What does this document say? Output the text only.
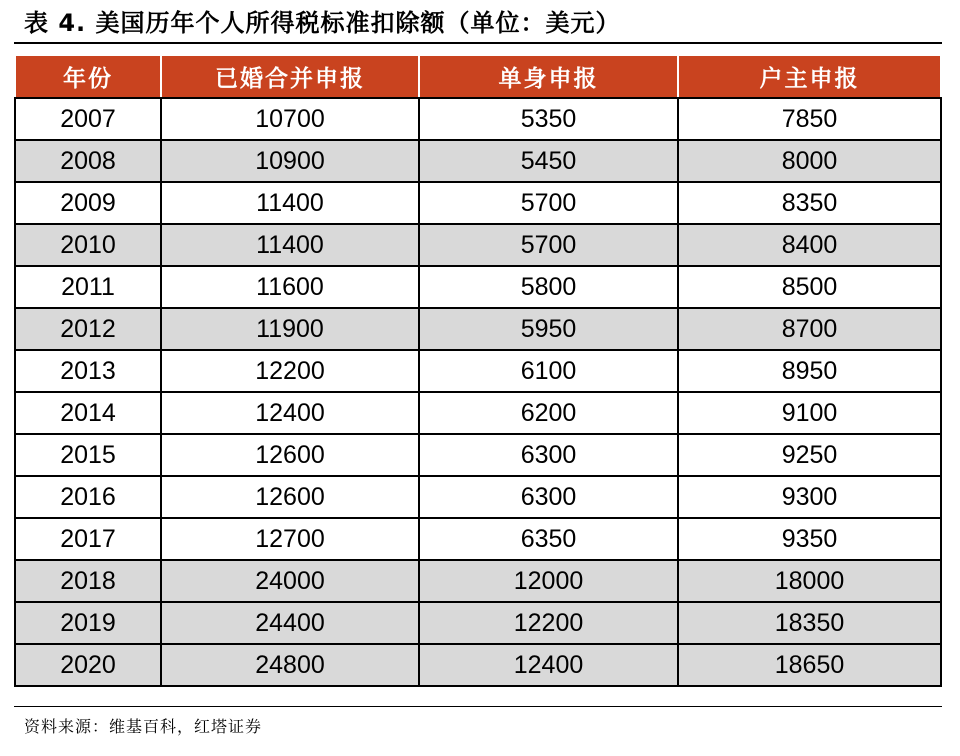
表 4. 美国历年个人所得税标准扣除额（单位：美元）
年份	已婚合并申报	单身申报	户主申报
2007	10700	5350	7850
2008	10900	5450	8000
2009	11400	5700	8350
2010	11400	5700	8400
2011	11600	5800	8500
2012	11900	5950	8700
2013	12200	6100	8950
2014	12400	6200	9100
2015	12600	6300	9250
2016	12600	6300	9300
2017	12700	6350	9350
2018	24000	12000	18000
2019	24400	12200	18350
2020	24800	12400	18650
资料来源：维基百科，红塔证券
